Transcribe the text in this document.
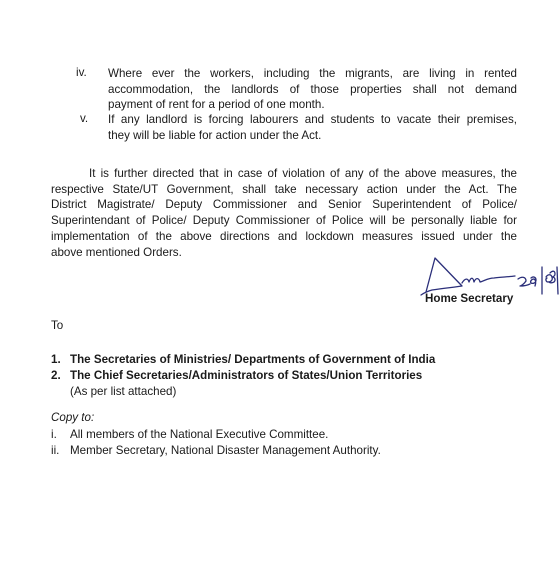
iv. Where ever the workers, including the migrants, are living in rented
accommodation, the landlords of those properties shall not demand
payment of rent for a period of one month.
v. If any landlord is forcing labourers and students to vacate their premises,
they will be liable for action under the Act.
It is further directed that in case of violation of any of the above measures, the
respective State/UT Government, shall take necessary action under the Act. The
District Magistrate/ Deputy Commissioner and Senior Superintendent of Police/
Superintendant of Police/ Deputy Commissioner of Police will be personally liable for
implementation of the above directions and lockdown measures issued under the
above mentioned Orders.
Home Secretary
To
1. The Secretaries of Ministries/ Departments of Government of India
2. The Chief Secretaries/Administrators of States/Union Territories
(As per list attached)
Copy to:
i. All members of the National Executive Committee.
ii. Member Secretary, National Disaster Management Authority.
